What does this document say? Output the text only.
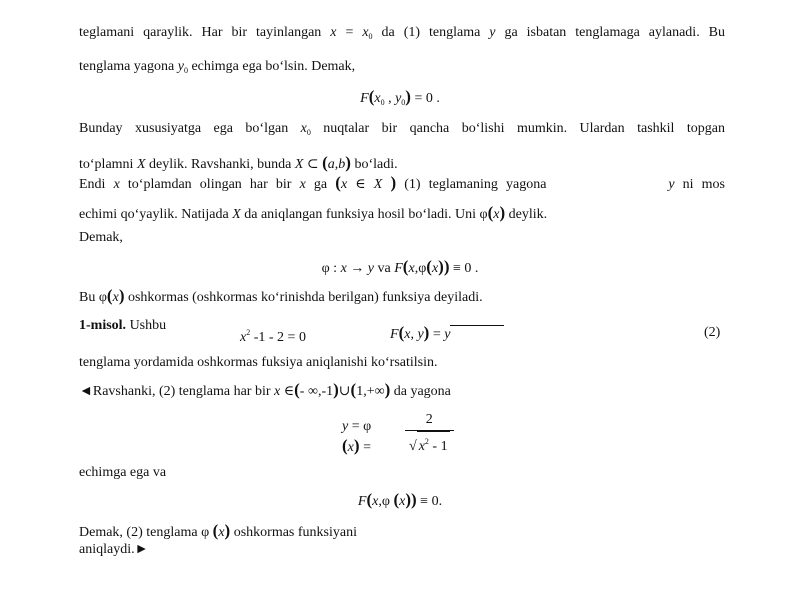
teglamani qaraylik. Har bir tayinlangan $x = x_0$ da (1) tenglama y ga isbatan tenglamaga aylanadi. Bu
tenglama yagona $y_0$ echimga ega bo‘lsin. Demak,
$F(x_0$ , $y_0) = 0$ .
Bunday xususiyatga ega bo‘lgan $x_0$ nuqtalar bir qancha bo‘lishi mumkin. Ulardan tashkil topgan
to‘plamni X deylik. Ravshanki, bunda X ⊂ (a,b) bo‘ladi.
Endi x to‘plamdan olingan har bir x ga (x ∈ X ) (1) teglamaning yagona               y ni mos
echimi qo‘yaylik. Natijada X da aniqlangan funksiya hosil bo‘ladi. Uni φ(x) deylik.
Demak,
φ : x → y va F(x,φ(x)) ≡ 0 .
Bu φ(x) oshkormas (oshkormas ko‘rinishda berilgan) funksiya deyiladi.
1-misol. Ushbu
$x^2$ -1 - 2 = 0	F(x, y) = y	(2)
tenglama yordamida oshkormas fuksiya aniqlanishi ko‘rsatilsin.
◄Ravshanki, (2) tenglama har bir x ∈(- ∞,-1)∪(1,+∞) da yagona
y = φ
$(x) = \frac{2}{√ x^2 - 1}$
echimga ega va
F(x,φ (x)) ≡ 0.
Demak, (2) tenglama φ (x) oshkormas funksiyani
aniqlaydi.►
